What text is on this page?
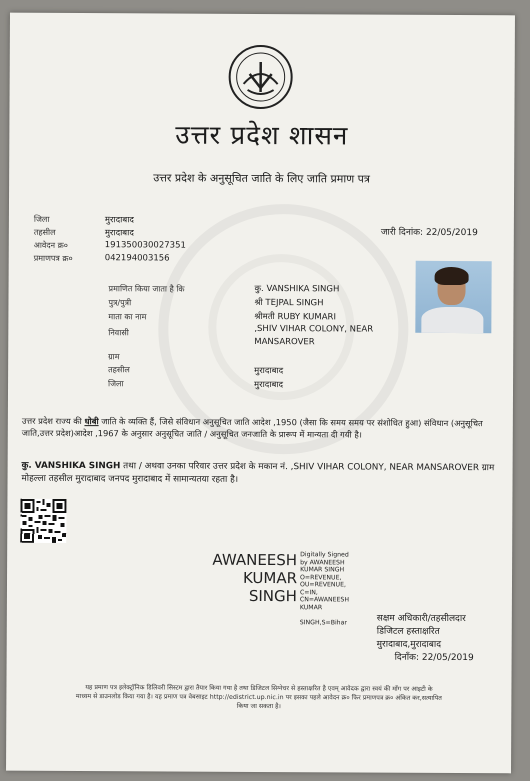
उत्तर प्रदेश शासन
उत्तर प्रदेश के अनुसूचित जाति के लिए जाति प्रमाण पत्र
जिला	मुरादाबाद
तहसील	मुरादाबाद
आवेदन क्र०	191350030027351
प्रमाणपत्र क्र०	042194003156
जारी दिनांक: 22/05/2019
प्रमाणित किया जाता है कि	कु. VANSHIKA SINGH
पुत्र/पुत्री	श्री TEJPAL SINGH
माता का नाम	श्रीमती RUBY KUMARI
निवासी	,SHIV VIHAR COLONY, NEAR
MANSAROVER
ग्राम
तहसील	मुरादाबाद
जिला	मुरादाबाद
उत्तर प्रदेश राज्य की धोबी जाति के व्यक्ति हैं, जिसे संविधान अनुसूचित जाति आदेश ,1950 (जैसा कि समय समय पर संशोधित हुआ) संविधान (अनुसूचित जाति,उत्तर प्रदेश)आदेश ,1967 के अनुसार अनुसूचित जाति / अनुसूचित जनजाति के प्रारूप में मान्यता दी गयी है।
कु. VANSHIKA SINGH तथा / अथवा उनका परिवार उत्तर प्रदेश के मकान नं. ,SHIV VIHAR COLONY, NEAR MANSAROVER ग्राम मोहल्ला तहसील मुरादाबाद जनपद मुरादाबाद में सामान्यतया रहता है।
AWANEESH
KUMAR
SINGH
Digitally Signed
by AWANEESH
KUMAR SINGH
O=REVENUE,
OU=REVENUE,
C=IN,
CN=AWANEESH
KUMAR

SINGH,S=Bihar	सक्षम अधिकारी/तहसीलदार
डिजिटल हस्ताक्षरित
मुरादाबाद,मुरादाबाद
दिनाँक: 22/05/2019
यह प्रमाण पत्र इलेक्ट्रॉनिक डिलिवरी सिस्टम द्वारा तैयार किया गया है तथा डिजिटल सिग्नेचर से हस्ताक्षरित है एवम् आवेदक द्वारा स्वयं की माँग पर आइटी के
माध्यम से डाउनलोड किया गया है। यह प्रमाण पत्र वेबसाइट http://edistrict.up.nic.in पर इसका पहले आवेदन क्र० फिर प्रमाणपत्र क्र० अंकित कर,सत्यापित
किया जा सकता है।
